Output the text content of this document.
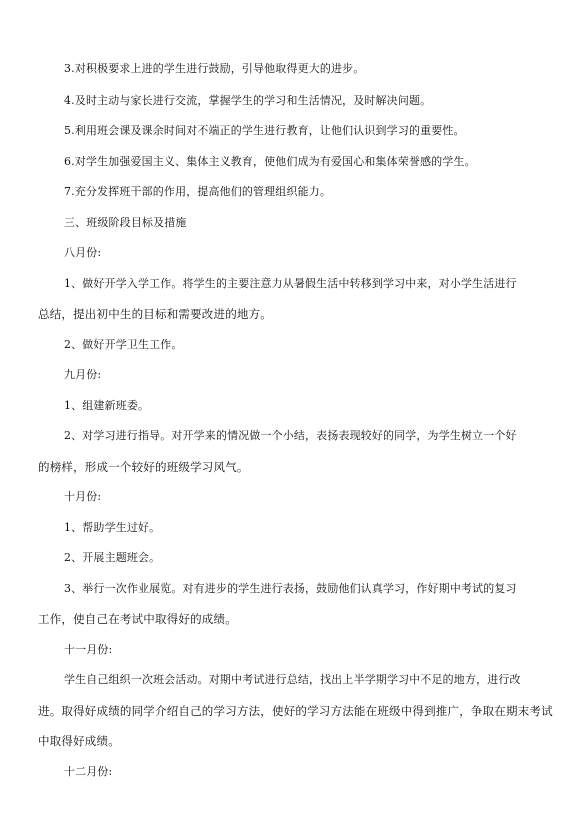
3.对积极要求上进的学生进行鼓励，引导他取得更大的进步。
4.及时主动与家长进行交流，掌握学生的学习和生活情况，及时解决问题。
5.利用班会课及课余时间对不端正的学生进行教育，让他们认识到学习的重要性。
6.对学生加强爱国主义、集体主义教育，使他们成为有爱国心和集体荣誉感的学生。
7.充分发挥班干部的作用，提高他们的管理组织能力。
三、班级阶段目标及措施
八月份:
1、做好开学入学工作。将学生的主要注意力从暑假生活中转移到学习中来，对小学生活进行
总结，提出初中生的目标和需要改进的地方。
2、做好开学卫生工作。
九月份:
1、组建新班委。
2、对学习进行指导。对开学来的情况做一个小结，表扬表现较好的同学，为学生树立一个好
的榜样，形成一个较好的班级学习风气。
十月份:
1、帮助学生过好。
2、开展主题班会。
3、举行一次作业展览。对有进步的学生进行表扬，鼓励他们认真学习，作好期中考试的复习
工作，使自己在考试中取得好的成绩。
十一月份:
学生自己组织一次班会活动。对期中考试进行总结，找出上半学期学习中不足的地方，进行改
进。取得好成绩的同学介绍自己的学习方法，使好的学习方法能在班级中得到推广，争取在期末考试
中取得好成绩。
十二月份:
